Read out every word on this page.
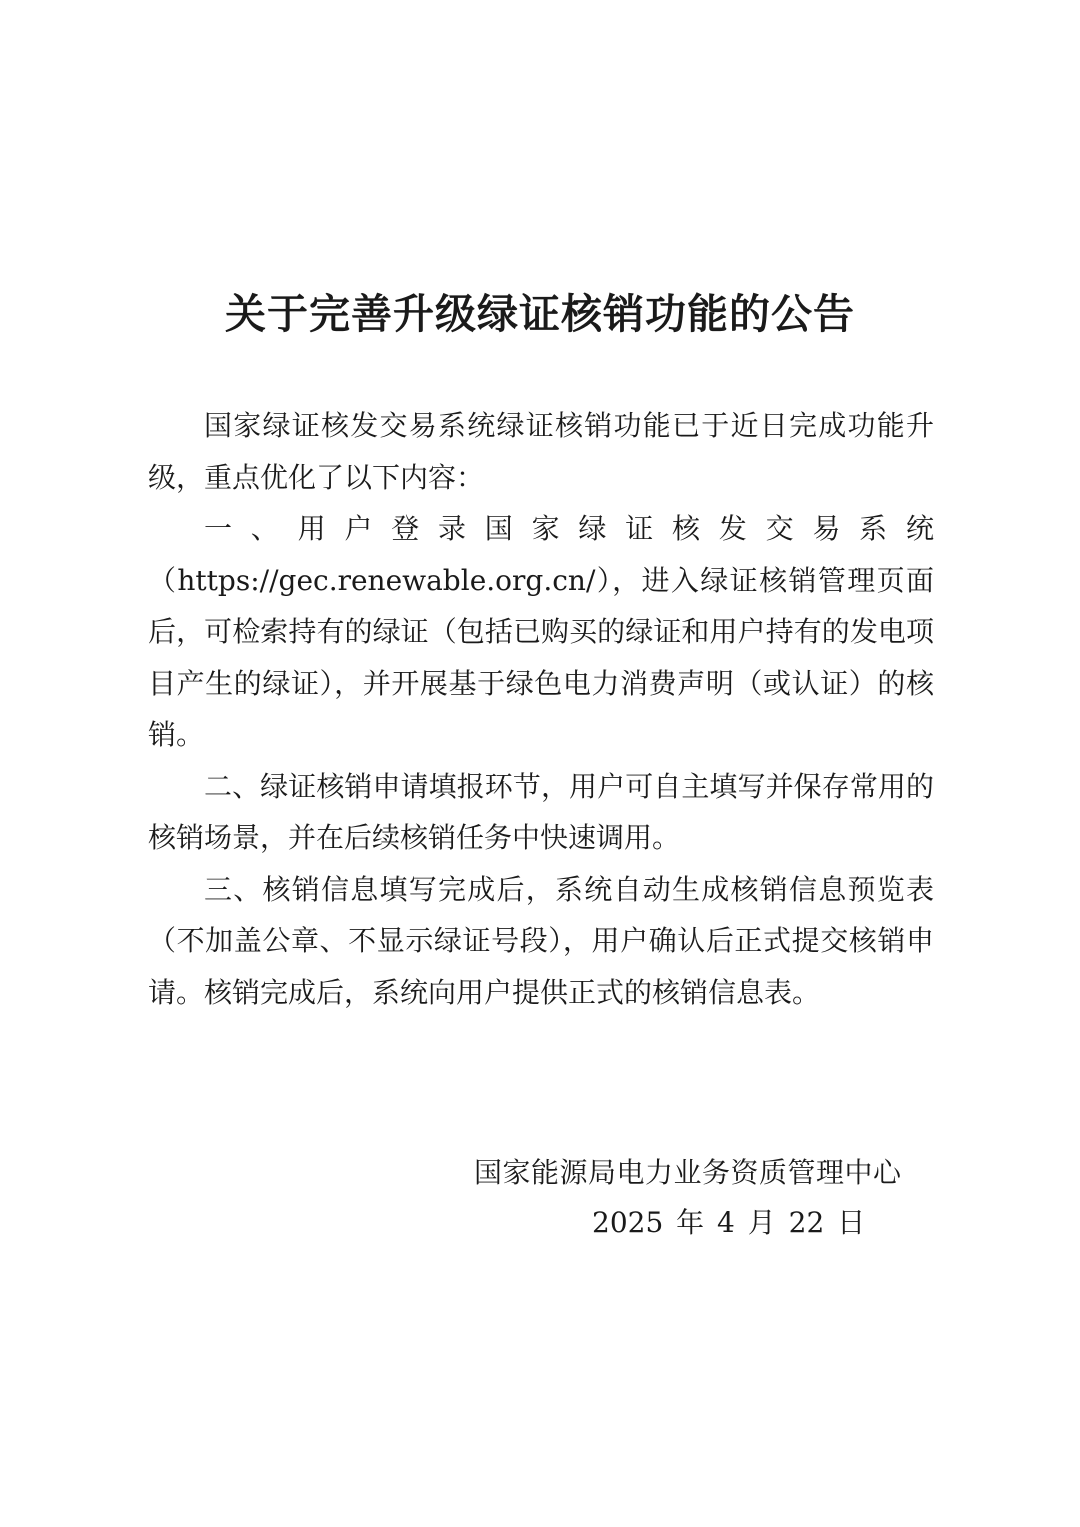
关于完善升级绿证核销功能的公告

国家绿证核发交易系统绿证核销功能已于近日完成功能升级，重点优化了以下内容：

一、用户登录国家绿证核发交易系统（https://gec.renewable.org.cn/），进入绿证核销管理页面后，可检索持有的绿证（包括已购买的绿证和用户持有的发电项目产生的绿证），并开展基于绿色电力消费声明（或认证）的核销。

二、绿证核销申请填报环节，用户可自主填写并保存常用的核销场景，并在后续核销任务中快速调用。

三、核销信息填写完成后，系统自动生成核销信息预览表（不加盖公章、不显示绿证号段），用户确认后正式提交核销申请。核销完成后，系统向用户提供正式的核销信息表。

国家能源局电力业务资质管理中心

2025 年 4 月 22 日
